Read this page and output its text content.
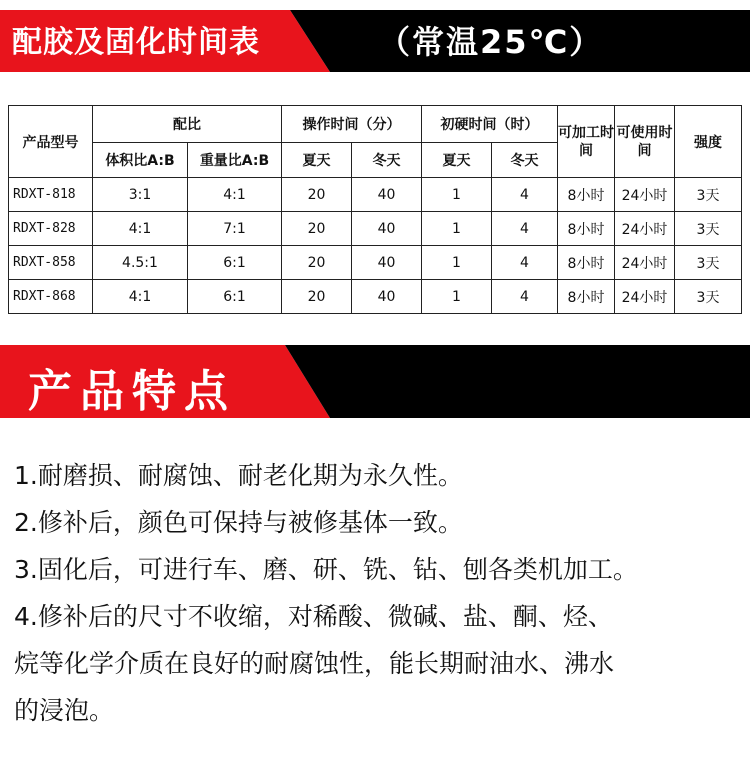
配胶及固化时间表	（常温25℃）
产品型号	配比		操作时间（分）		初硬时间（时）		可加工时间	可使用时间	强度
	体积比A:B	重量比A:B	夏天	冬天	夏天	冬天			
RDXT-818	3:1	4:1	20	40	1	4	8小时	24小时	3天
RDXT-828	4:1	7:1	20	40	1	4	8小时	24小时	3天
RDXT-858	4.5:1	6:1	20	40	1	4	8小时	24小时	3天
RDXT-868	4:1	6:1	20	40	1	4	8小时	24小时	3天
产品特点
1.耐磨损、耐腐蚀、耐老化期为永久性。
2.修补后，颜色可保持与被修基体一致。
3.固化后，可进行车、磨、研、铣、钻、刨各类机加工。
4.修补后的尺寸不收缩，对稀酸、微碱、盐、酮、烃、
烷等化学介质在良好的耐腐蚀性，能长期耐油水、沸水
的浸泡。
